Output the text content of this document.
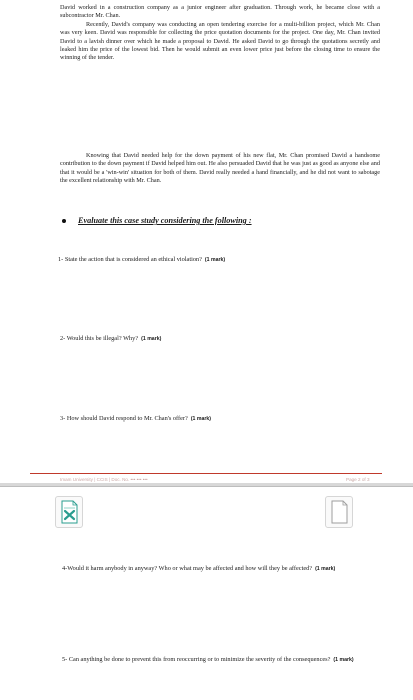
David worked in a construction company as a junior engineer after graduation. Through work, he became close with a subcontractor Mr. Chan.

Recently, David's company was conducting an open tendering exercise for a multi-billion project, which Mr. Chan was very keen. David was responsible for collecting the price quotation documents for the project. One day, Mr. Chan invited David to a lavish dinner over which he made a proposal to David. He asked David to go through the quotations secretly and leaked him the price of the lowest bid. Then he would submit an even lower price just before the closing time to ensure the winning of the tender.

Knowing that David needed help for the down payment of his new flat, Mr. Chan promised David a handsome contribution to the down payment if David helped him out. He also persuaded David that he was just as good as anyone else and that it would be a 'win-win' situation for both of them. David really needed a hand financially, and he did not want to sabotage the excellent relationship with Mr. Chan.

Evaluate this case study considering the following :
1- State the action that is considered an ethical violation? (1 mark)
2- Would this be illegal? Why? (1 mark)
3- How should David respond to Mr. Chan's offer? (1 mark)
Imam University | CCIS | Doc. No. ••• ••• •••	Page 2 of 3
4-Would it harm anybody in anyway? Who or what may be affected and how will they be affected? (1 mark)
5- Can anything be done to prevent this from reoccurring or to minimize the severity of the consequences? (1 mark)
